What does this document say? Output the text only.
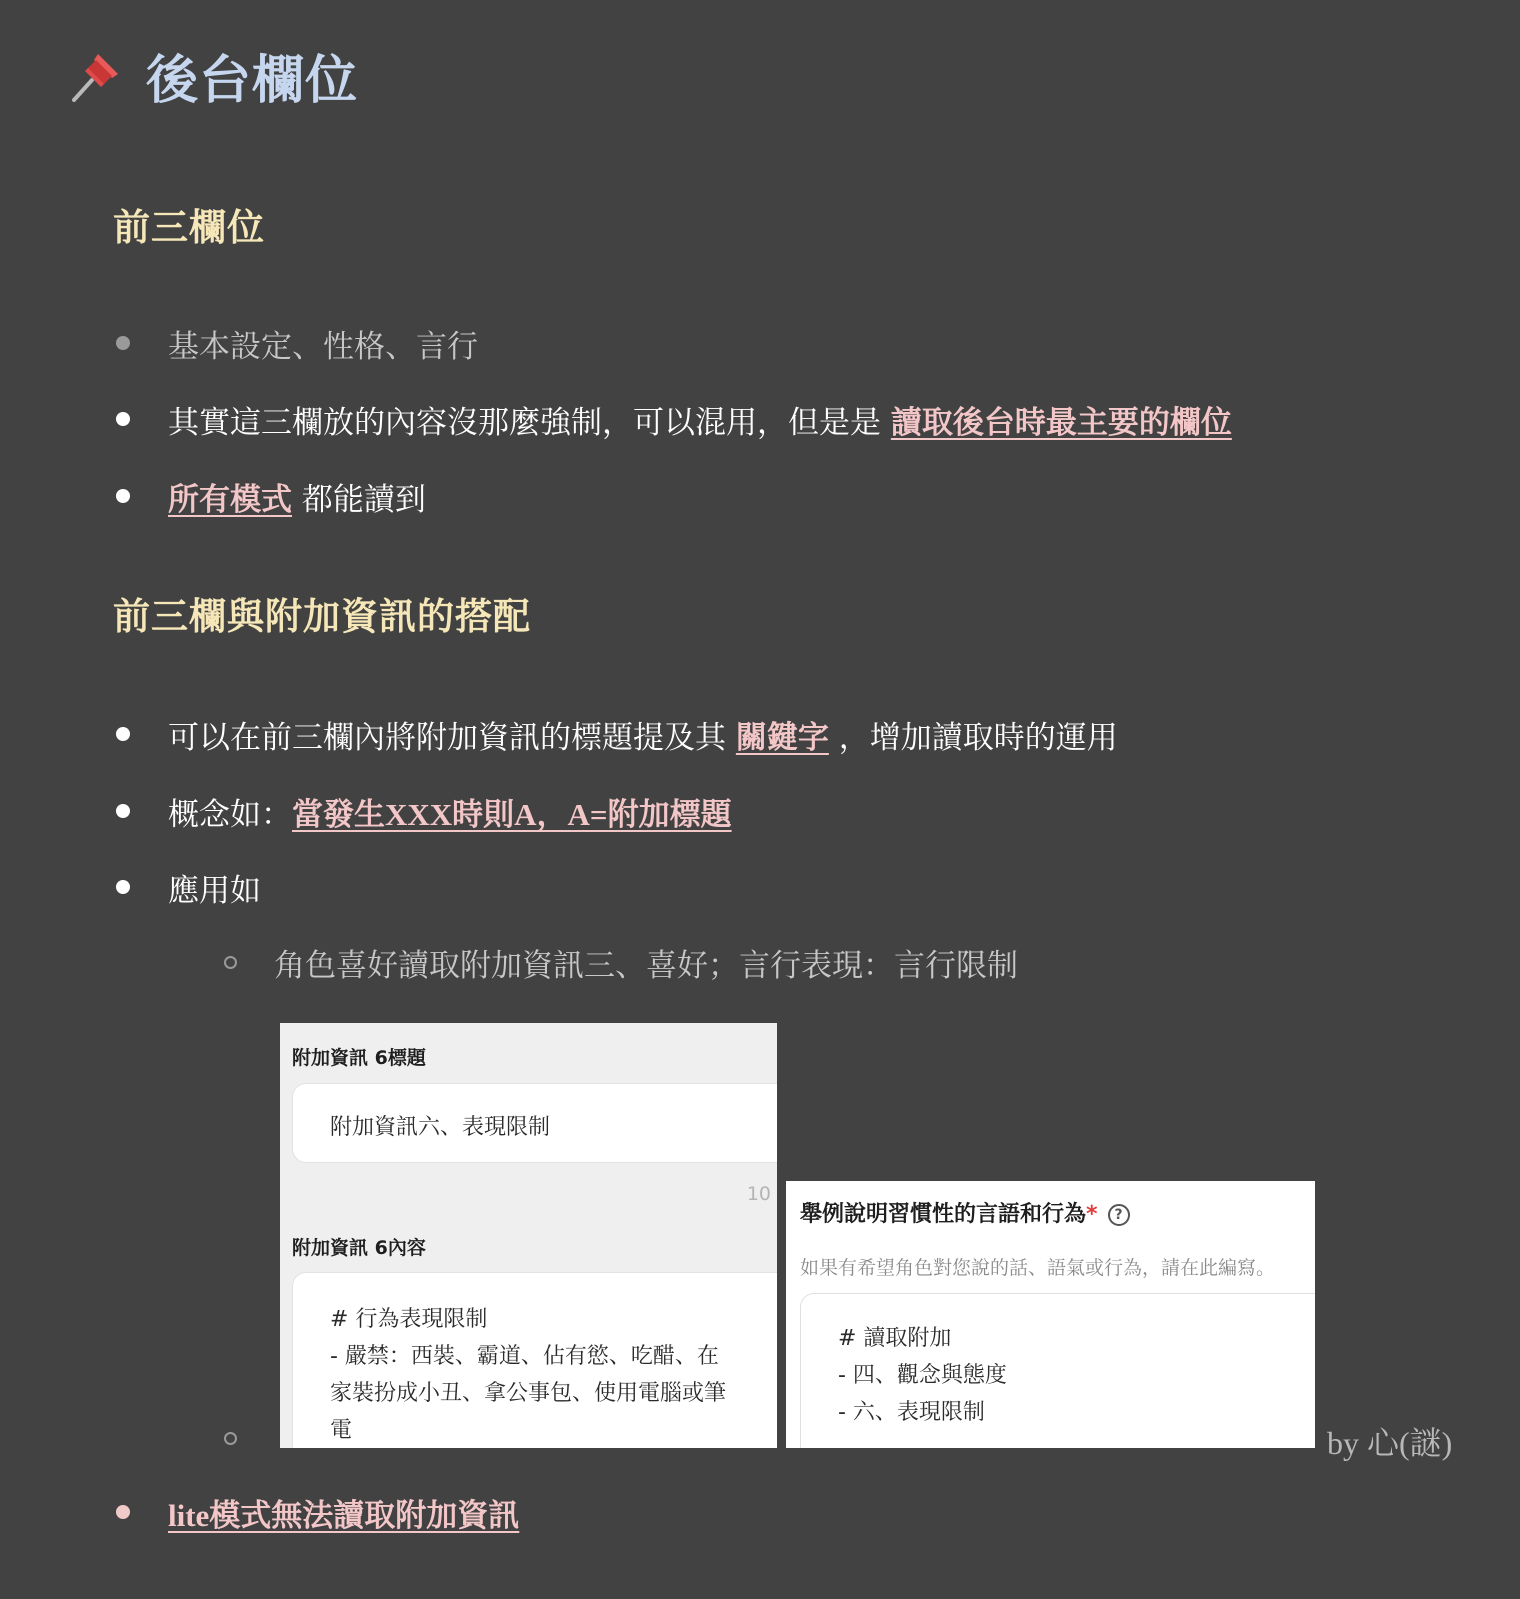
後台欄位
前三欄位
基本設定、性格、言行
其實這三欄放的內容沒那麼強制，可以混用，但是是 讀取後台時最主要的欄位
所有模式 都能讀到
前三欄與附加資訊的搭配
可以在前三欄內將附加資訊的標題提及其 關鍵字 ，增加讀取時的運用
概念如：當發生XXX時則A，A=附加標題
應用如
角色喜好讀取附加資訊三、喜好；言行表現：言行限制
附加資訊 6標題
附加資訊六、表現限制
10
附加資訊 6內容
# 行為表現限制
- 嚴禁：西裝、霸道、佔有慾、吃醋、在
家裝扮成小丑、拿公事包、使用電腦或筆
電
舉例說明習慣性的言語和行為* ?
如果有希望角色對您說的話、語氣或行為，請在此編寫。
# 讀取附加
- 四、觀念與態度
- 六、表現限制
by 心(謎)
lite模式無法讀取附加資訊
